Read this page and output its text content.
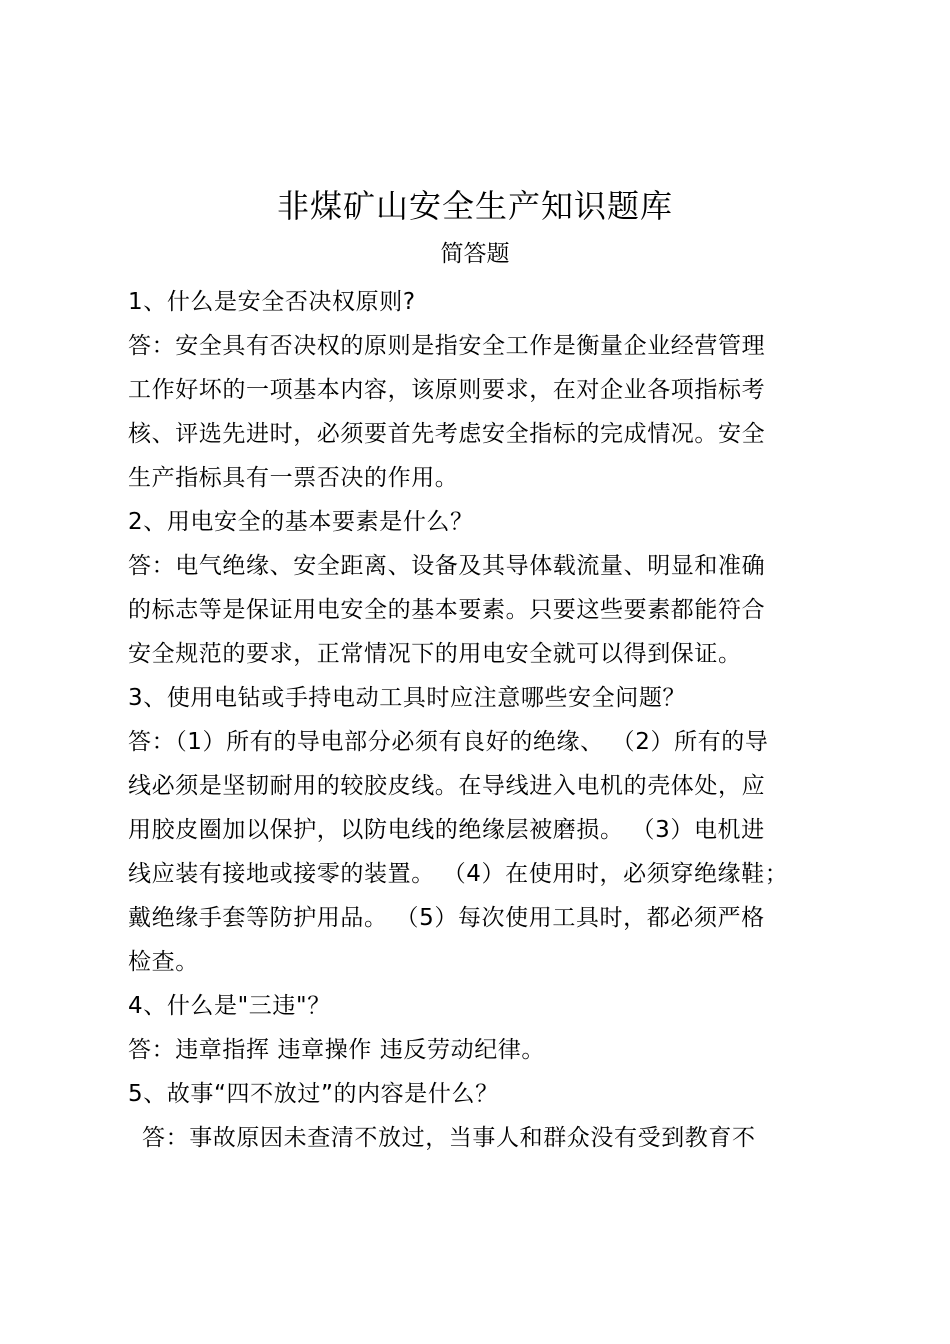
非煤矿山安全生产知识题库
简答题
1、什么是安全否决权原则?
答：安全具有否决权的原则是指安全工作是衡量企业经营管理
工作好坏的一项基本内容，该原则要求，在对企业各项指标考
核、评选先进时，必须要首先考虑安全指标的完成情况。安全
生产指标具有一票否决的作用。
2、用电安全的基本要素是什么？
答：电气绝缘、安全距离、设备及其导体载流量、明显和准确
的标志等是保证用电安全的基本要素。只要这些要素都能符合
安全规范的要求，正常情况下的用电安全就可以得到保证。
3、使用电钻或手持电动工具时应注意哪些安全问题？
答：（1）所有的导电部分必须有良好的绝缘、 （2）所有的导
线必须是坚韧耐用的较胶皮线。在导线进入电机的壳体处，应
用胶皮圈加以保护，以防电线的绝缘层被磨损。 （3）电机进
线应装有接地或接零的装置。 （4）在使用时，必须穿绝缘鞋；
戴绝缘手套等防护用品。 （5）每次使用工具时，都必须严格
检查。
4、什么是"三违"？
答：违章指挥 违章操作 违反劳动纪律。
5、故事“四不放过”的内容是什么？
答：事故原因未查清不放过，当事人和群众没有受到教育不
